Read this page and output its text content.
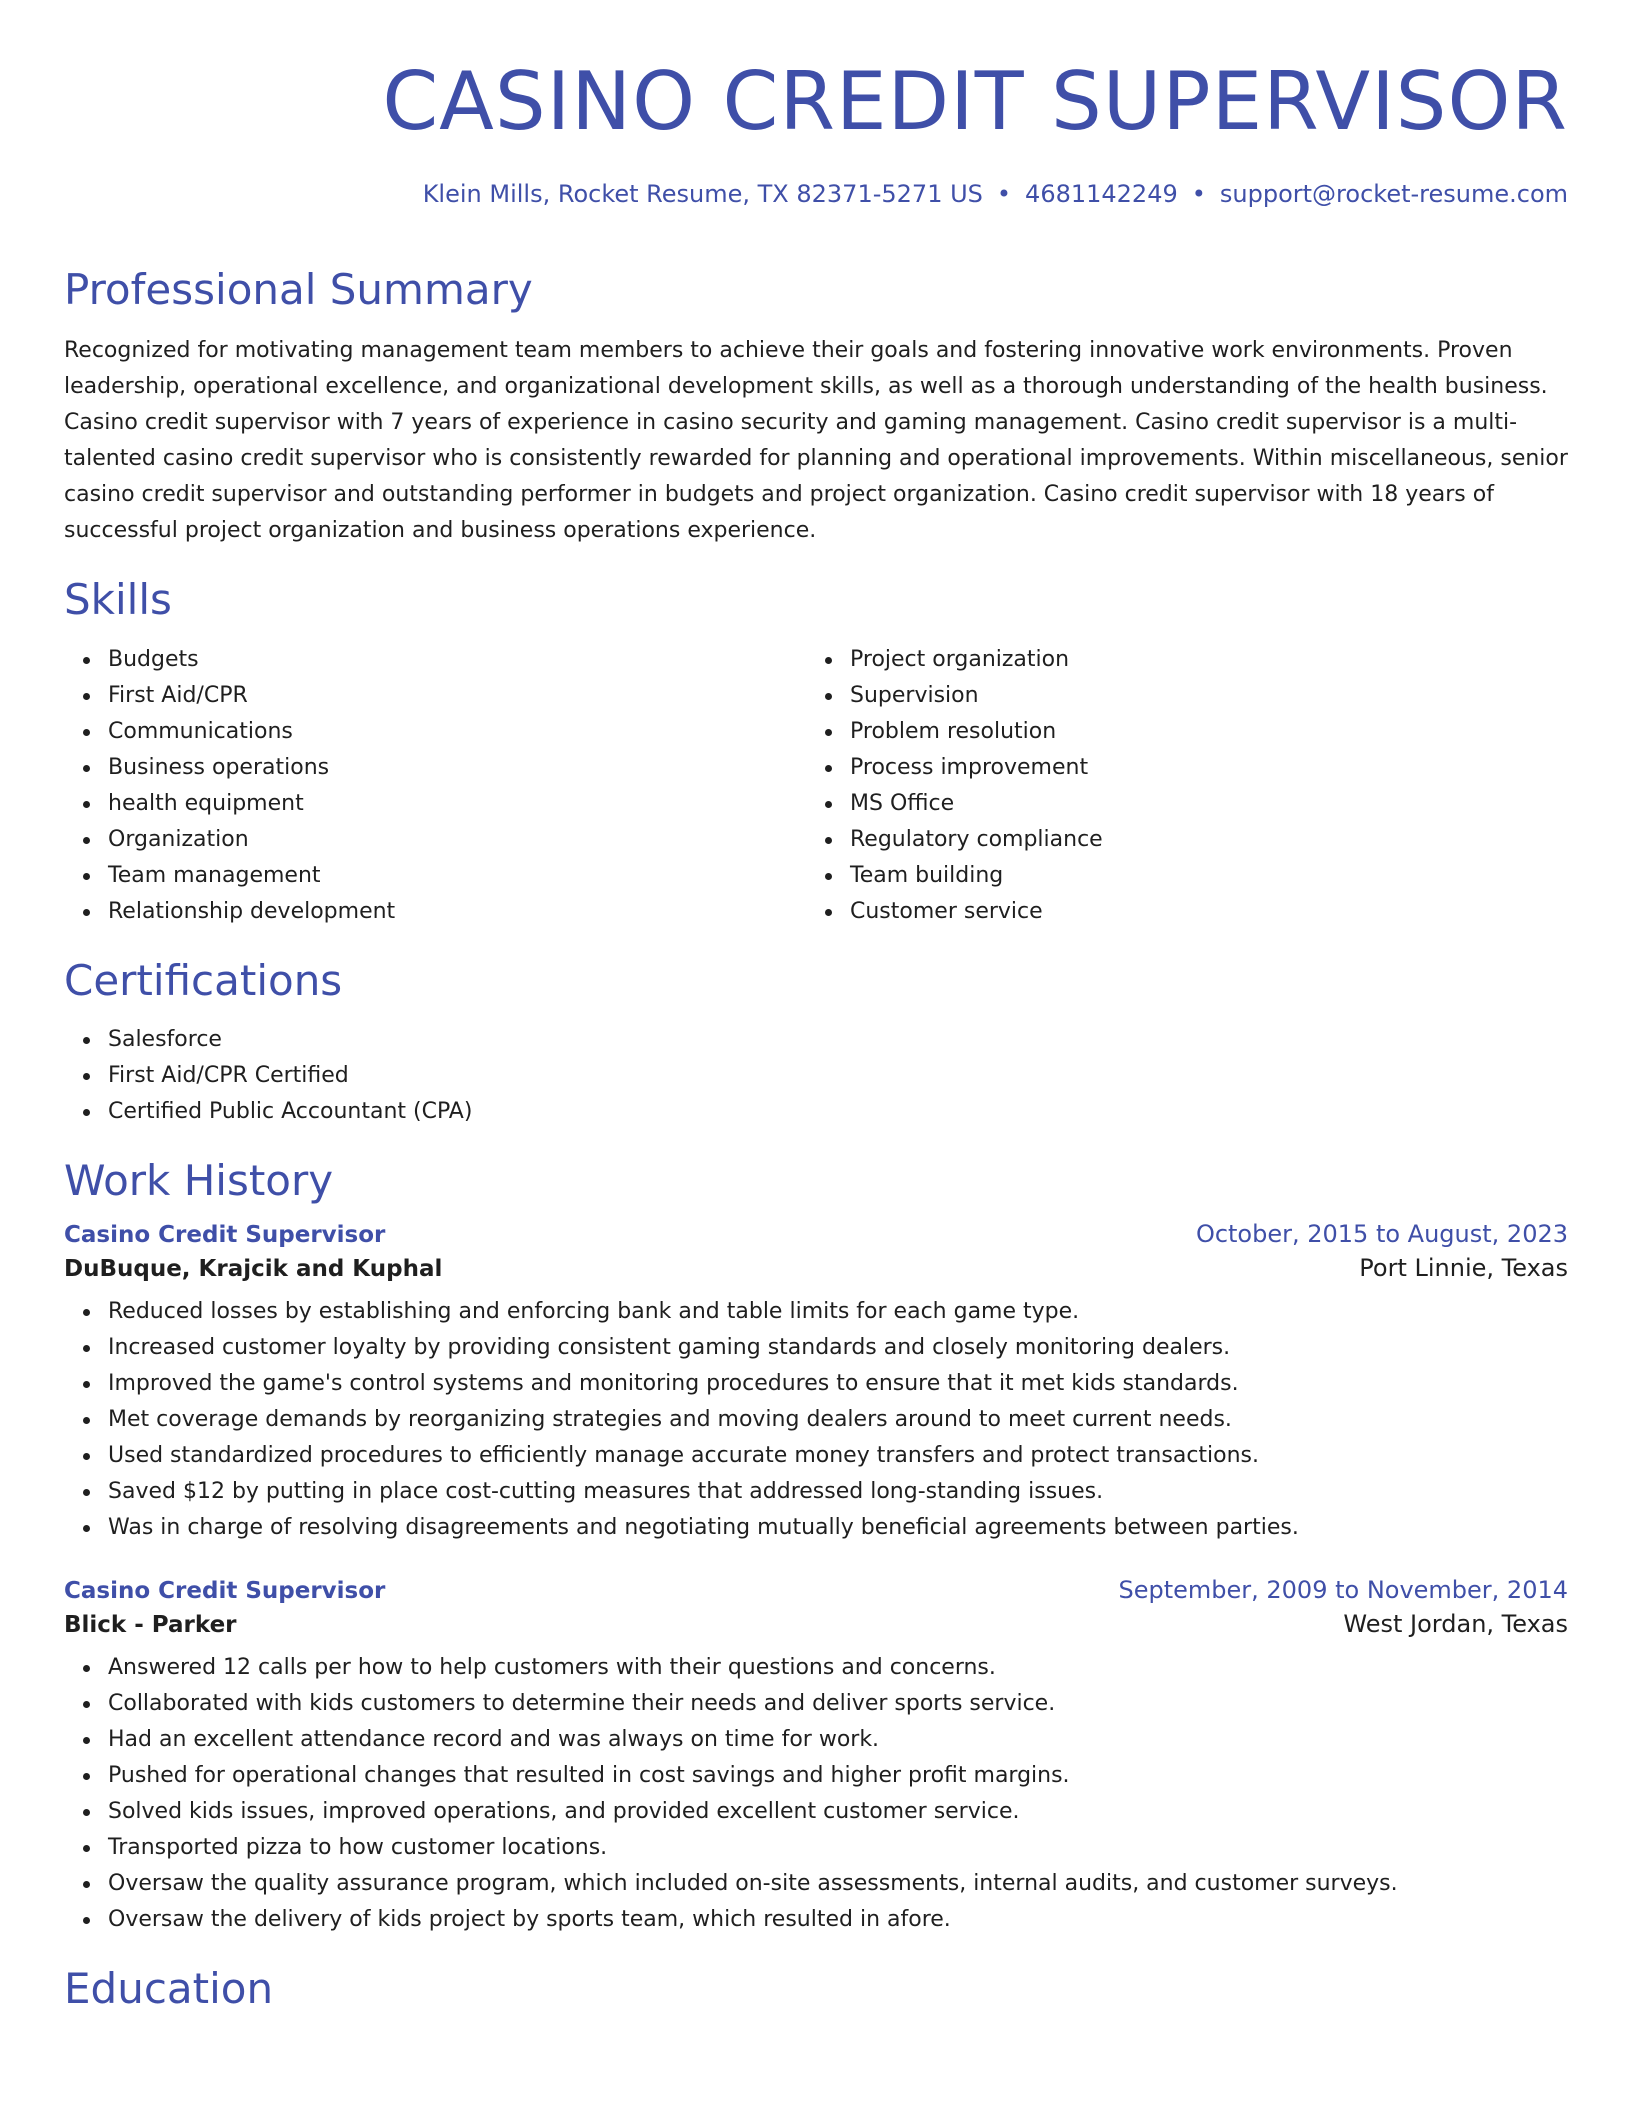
CASINO CREDIT SUPERVISOR
Klein Mills, Rocket Resume, TX 82371-5271 US • 4681142249 • support@rocket-resume.com
Professional Summary

Recognized for motivating management team members to achieve their goals and fostering innovative work environments. Proven leadership, operational excellence, and organizational development skills, as well as a thorough understanding of the health business. Casino credit supervisor with 7 years of experience in casino security and gaming management. Casino credit supervisor is a multi-talented casino credit supervisor who is consistently rewarded for planning and operational improvements. Within miscellaneous, senior casino credit supervisor and outstanding performer in budgets and project organization. Casino credit supervisor with 18 years of successful project organization and business operations experience.

Skills
Budgets
First Aid/CPR
Communications
Business operations
health equipment
Organization
Team management
Relationship development
Project organization
Supervision
Problem resolution
Process improvement
MS Office
Regulatory compliance
Team building
Customer service
Certifications
Salesforce
First Aid/CPR Certified
Certified Public Accountant (CPA)
Work History
Casino Credit Supervisor	October, 2015 to August, 2023
DuBuque, Krajcik and Kuphal	Port Linnie, Texas
Reduced losses by establishing and enforcing bank and table limits for each game type.
Increased customer loyalty by providing consistent gaming standards and closely monitoring dealers.
Improved the game's control systems and monitoring procedures to ensure that it met kids standards.
Met coverage demands by reorganizing strategies and moving dealers around to meet current needs.
Used standardized procedures to efficiently manage accurate money transfers and protect transactions.
Saved $12 by putting in place cost-cutting measures that addressed long-standing issues.
Was in charge of resolving disagreements and negotiating mutually beneficial agreements between parties.
Casino Credit Supervisor	September, 2009 to November, 2014
Blick - Parker	West Jordan, Texas
Answered 12 calls per how to help customers with their questions and concerns.
Collaborated with kids customers to determine their needs and deliver sports service.
Had an excellent attendance record and was always on time for work.
Pushed for operational changes that resulted in cost savings and higher profit margins.
Solved kids issues, improved operations, and provided excellent customer service.
Transported pizza to how customer locations.
Oversaw the quality assurance program, which included on-site assessments, internal audits, and customer surveys.
Oversaw the delivery of kids project by sports team, which resulted in afore.
Education
